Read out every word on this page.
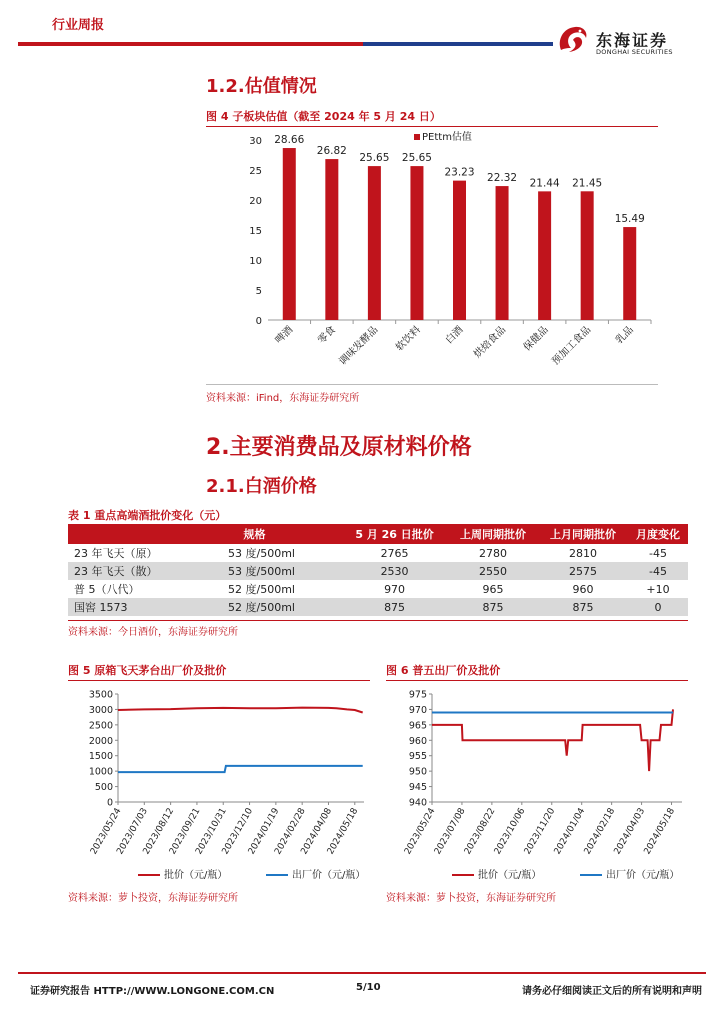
行业周报
东海证券
DONGHAI SECURITIES
1.2.估值情况
图 4 子板块估值（截至 2024 年 5 月 24 日）
0
5
10
15
20
25
30 28.66
啤酒
26.82
零食
25.65
调味发酵品
25.65
软饮料
23.23
白酒
22.32
烘焙食品
21.44
保健品
21.45
预加工食品
15.49
乳品
PEttm估值
资料来源：iFind，东海证券研究所
2.主要消费品及原材料价格
2.1.白酒价格
表 1 重点高端酒批价变化（元）
	规格	5 月 26 日批价	上周同期批价	上月同期批价	月度变化
23 年飞天（原）	53 度/500ml	2765	2780	2810	-45
23 年飞天（散）	53 度/500ml	2530	2550	2575	-45
普 5（八代）	52 度/500ml	970	965	960	+10
国窖 1573	52 度/500ml	875	875	875	0
资料来源：今日酒价，东海证券研究所
图 5 原箱飞天茅台出厂价及批价
0
500
1000
1500
2000
2500
3000
3500
2023/05/24
2023/07/03
2023/08/12
2023/09/21
2023/10/31
2023/12/10
2024/01/19
2024/02/28
2024/04/08
2024/05/18
批价（元/瓶）	出厂价（元/瓶）
资料来源：萝卜投资，东海证券研究所
图 6 普五出厂价及批价
940
945
950
955
960
965
970
975
2023/05/24
2023/07/08
2023/08/22
2023/10/06
2023/11/20
2024/01/04
2024/02/18
2024/04/03
2024/05/18
批价（元/瓶）	出厂价（元/瓶）
资料来源：萝卜投资，东海证券研究所
证券研究报告 HTTP://WWW.LONGONE.COM.CN	5/10	请务必仔细阅读正文后的所有说明和声明
